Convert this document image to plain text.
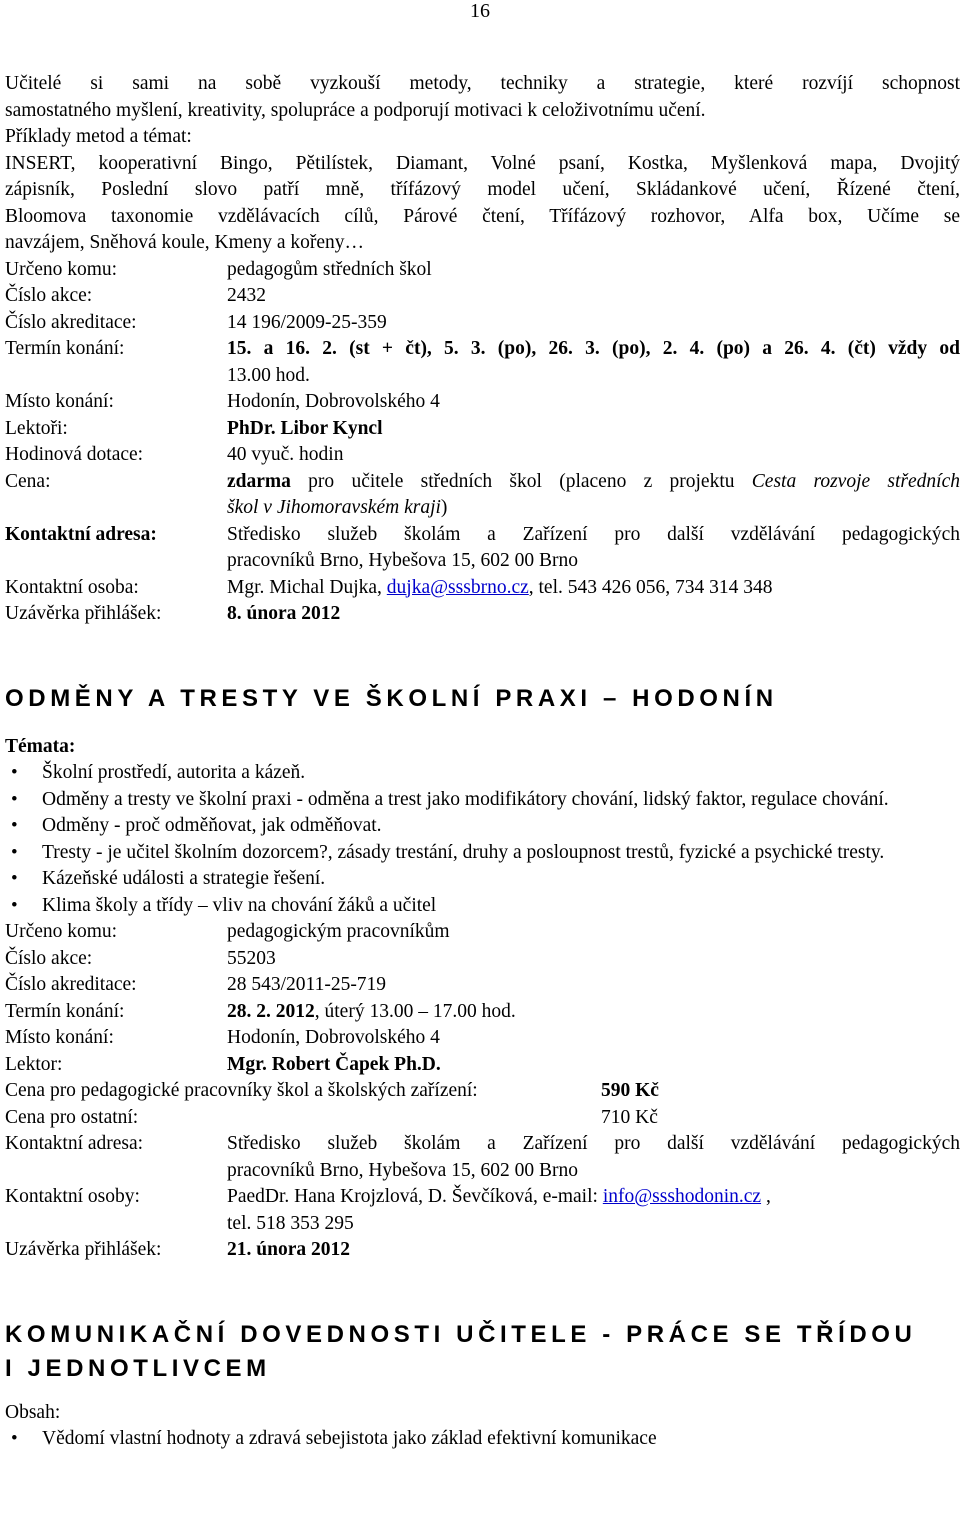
16

Učitelé si sami na sobě vyzkouší metody, techniky a strategie, které rozvíjí schopnost

samostatného myšlení, kreativity, spolupráce a podporují motivaci k celoživotnímu učení.

Příklady metod a témat:

INSERT, kooperativní Bingo, Pětilístek, Diamant, Volné psaní, Kostka, Myšlenková mapa, Dvojitý

zápisník, Poslední slovo patří mně, třífázový model učení, Skládankové učení, Řízené čtení,

Bloomova taxonomie vzdělávacích cílů, Párové čtení, Třífázový rozhovor, Alfa box, Učíme se

navzájem, Sněhová koule, Kmeny a kořeny…

Určeno komu:	pedagogům středních škol
Číslo akce:	2432
Číslo akreditace:	14 196/2009-25-359
Termín konání:	15. a 16. 2. (st + čt), 5. 3. (po), 26. 3. (po), 2. 4. (po) a 26. 4. (čt) vždy od
13.00 hod.
Místo konání:	Hodonín, Dobrovolského 4
Lektoři:	PhDr. Libor Kyncl
Hodinová dotace:	40 vyuč. hodin
Cena:	zdarma pro učitele středních škol (placeno z projektu Cesta rozvoje středních
škol v Jihomoravském kraji)
Kontaktní adresa:	Středisko služeb školám a Zařízení pro další vzdělávání pedagogických
pracovníků Brno, Hybešova 15, 602 00 Brno
Kontaktní osoba:	Mgr. Michal Dujka, dujka@sssbrno.cz, tel. 543 426 056, 734 314 348
Uzávěrka přihlášek:	8. února 2012
ODMĚNY A TRESTY VE ŠKOLNÍ PRAXI – HODONÍN

Témata:

• Školní prostředí, autorita a kázeň.
• Odměny a tresty ve školní praxi - odměna a trest jako modifikátory chování, lidský faktor, regulace chování.
• Odměny - proč odměňovat, jak odměňovat.
• Tresty - je učitel školním dozorcem?, zásady trestání, druhy a posloupnost trestů, fyzické a psychické tresty.
• Kázeňské události a strategie řešení.
• Klima školy a třídy – vliv na chování žáků a učitel
Určeno komu:	pedagogickým pracovníkům
Číslo akce:	55203
Číslo akreditace:	28 543/2011-25-719
Termín konání:	28. 2. 2012, úterý 13.00 – 17.00 hod.
Místo konání:	Hodonín, Dobrovolského 4
Lektor:	Mgr. Robert Čapek Ph.D.
Cena pro pedagogické pracovníky škol a školských zařízení:	590 Kč
Cena pro ostatní:	710 Kč
Kontaktní adresa:	Středisko služeb školám a Zařízení pro další vzdělávání pedagogických
pracovníků Brno, Hybešova 15, 602 00 Brno
Kontaktní osoby:	PaedDr. Hana Krojzlová, D. Ševčíková, e-mail: info@ssshodonin.cz ,
tel. 518 353 295
Uzávěrka přihlášek:	21. února 2012
KOMUNIKAČNÍ DOVEDNOSTI UČITELE - PRÁCE SE TŘÍDOU
I JEDNOTLIVCEM

Obsah:

• Vědomí vlastní hodnoty a zdravá sebejistota jako základ efektivní komunikace
